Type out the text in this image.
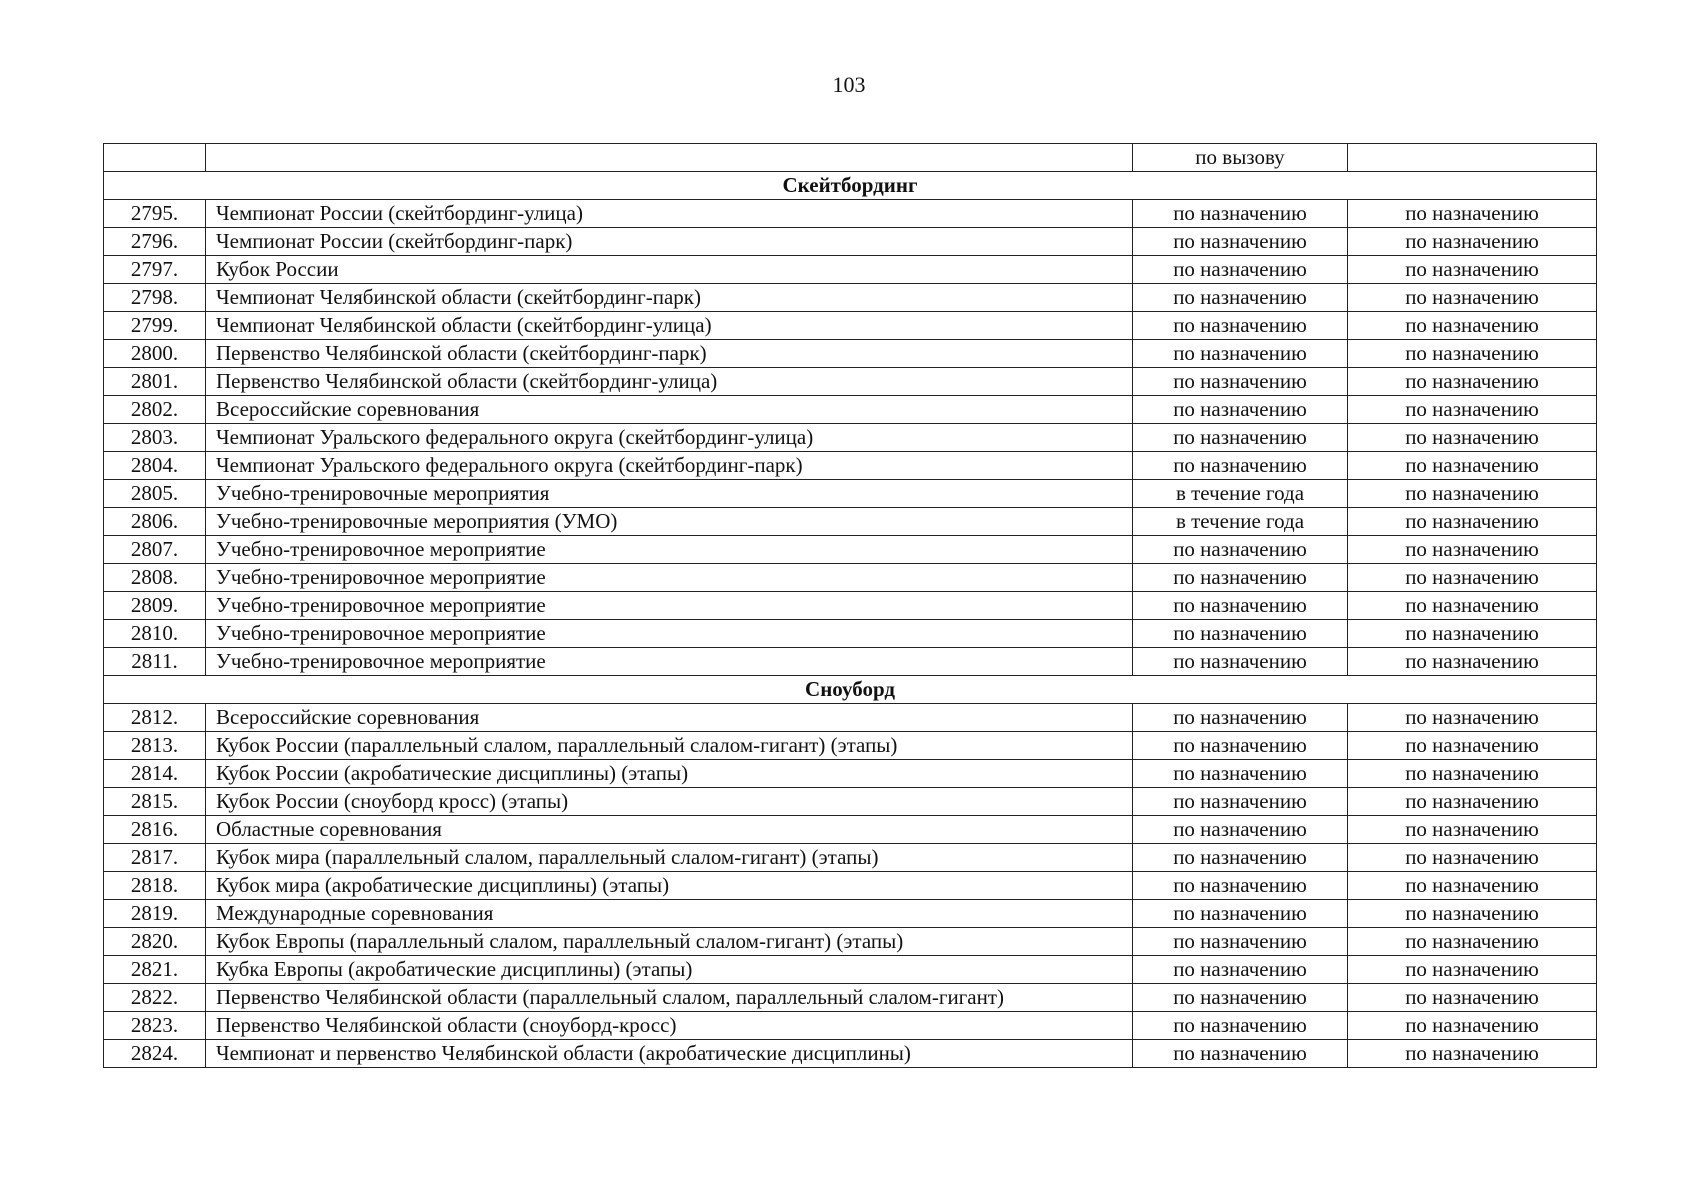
103
		по вызову	
Скейтбординг			
2795.	Чемпионат России (скейтбординг-улица)	по назначению	по назначению
2796.	Чемпионат России (скейтбординг-парк)	по назначению	по назначению
2797.	Кубок России	по назначению	по назначению
2798.	Чемпионат Челябинской области (скейтбординг-парк)	по назначению	по назначению
2799.	Чемпионат Челябинской области (скейтбординг-улица)	по назначению	по назначению
2800.	Первенство Челябинской области (скейтбординг-парк)	по назначению	по назначению
2801.	Первенство Челябинской области (скейтбординг-улица)	по назначению	по назначению
2802.	Всероссийские соревнования	по назначению	по назначению
2803.	Чемпионат Уральского федерального округа (скейтбординг-улица)	по назначению	по назначению
2804.	Чемпионат Уральского федерального округа (скейтбординг-парк)	по назначению	по назначению
2805.	Учебно-тренировочные мероприятия	в течение года	по назначению
2806.	Учебно-тренировочные мероприятия (УМО)	в течение года	по назначению
2807.	Учебно-тренировочное мероприятие	по назначению	по назначению
2808.	Учебно-тренировочное мероприятие	по назначению	по назначению
2809.	Учебно-тренировочное мероприятие	по назначению	по назначению
2810.	Учебно-тренировочное мероприятие	по назначению	по назначению
2811.	Учебно-тренировочное мероприятие	по назначению	по назначению
Сноуборд			
2812.	Всероссийские соревнования	по назначению	по назначению
2813.	Кубок России (параллельный слалом, параллельный слалом-гигант) (этапы)	по назначению	по назначению
2814.	Кубок России (акробатические дисциплины) (этапы)	по назначению	по назначению
2815.	Кубок России (сноуборд кросс) (этапы)	по назначению	по назначению
2816.	Областные соревнования	по назначению	по назначению
2817.	Кубок мира (параллельный слалом, параллельный слалом-гигант) (этапы)	по назначению	по назначению
2818.	Кубок мира (акробатические дисциплины) (этапы)	по назначению	по назначению
2819.	Международные соревнования	по назначению	по назначению
2820.	Кубок Европы (параллельный слалом, параллельный слалом-гигант) (этапы)	по назначению	по назначению
2821.	Кубка Европы (акробатические дисциплины) (этапы)	по назначению	по назначению
2822.	Первенство Челябинской области (параллельный слалом, параллельный слалом-гигант)	по назначению	по назначению
2823.	Первенство Челябинской области (сноуборд-кросс)	по назначению	по назначению
2824.	Чемпионат и первенство Челябинской области (акробатические дисциплины)	по назначению	по назначению
